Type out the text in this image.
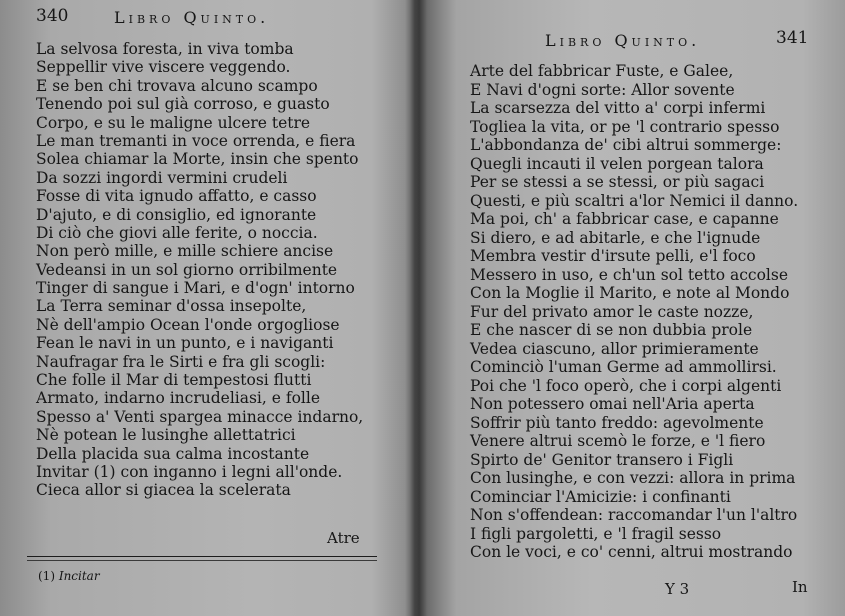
340	Libro Quinto.
La selvosa foresta, in viva tomba
Seppellir vive viscere veggendo.
E se ben chi trovava alcuno scampo
Tenendo poi sul già corroso, e guasto
Corpo, e su le maligne ulcere tetre
Le man tremanti in voce orrenda, e fiera
Solea chiamar la Morte, insin che spento
Da sozzi ingordi vermini crudeli
Fosse di vita ignudo affatto, e casso
D'ajuto, e di consiglio, ed ignorante
Di ciò che giovi alle ferite, o noccia.
Non però mille, e mille schiere ancise
Vedeansi in un sol giorno orribilmente
Tinger di sangue i Mari, e d'ogn' intorno
La Terra seminar d'ossa insepolte,
Nè dell'ampio Ocean l'onde orgogliose
Fean le navi in un punto, e i naviganti
Naufragar fra le Sirti e fra gli scogli:
Che folle il Mar di tempestosi flutti
Armato, indarno incrudeliasi, e folle
Spesso a' Venti spargea minacce indarno,
Nè potean le lusinghe allettatrici
Della placida sua calma incostante
Invitar (1) con inganno i legni all'onde.
Cieca allor si giacea la scelerata
Atre
(1) Incitar
Libro Quinto.	341
Arte del fabbricar Fuste, e Galee,
E Navi d'ogni sorte: Allor sovente
La scarsezza del vitto a' corpi infermi
Togliea la vita, or pe 'l contrario spesso
L'abbondanza de' cibi altrui sommerge:
Quegli incauti il velen porgean talora
Per se stessi a se stessi, or più sagaci
Questi, e più scaltri a'lor Nemici il danno.
Ma poi, ch' a fabbricar case, e capanne
Si diero, e ad abitarle, e che l'ignude
Membra vestir d'irsute pelli, e'l foco
Messero in uso, e ch'un sol tetto accolse
Con la Moglie il Marito, e note al Mondo
Fur del privato amor le caste nozze,
E che nascer di se non dubbia prole
Vedea ciascuno, allor primieramente
Cominciò l'uman Germe ad ammollirsi.
Poi che 'l foco operò, che i corpi algenti
Non potessero omai nell'Aria aperta
Soffrir più tanto freddo: agevolmente
Venere altrui scemò le forze, e 'l fiero
Spirto de' Genitor transero i Figli
Con lusinghe, e con vezzi: allora in prima
Cominciar l'Amicizie: i confinanti
Non s'offendean: raccomandar l'un l'altro
I figli pargoletti, e 'l fragil sesso
Con le voci, e co' cenni, altrui mostrando
Y 3	In
